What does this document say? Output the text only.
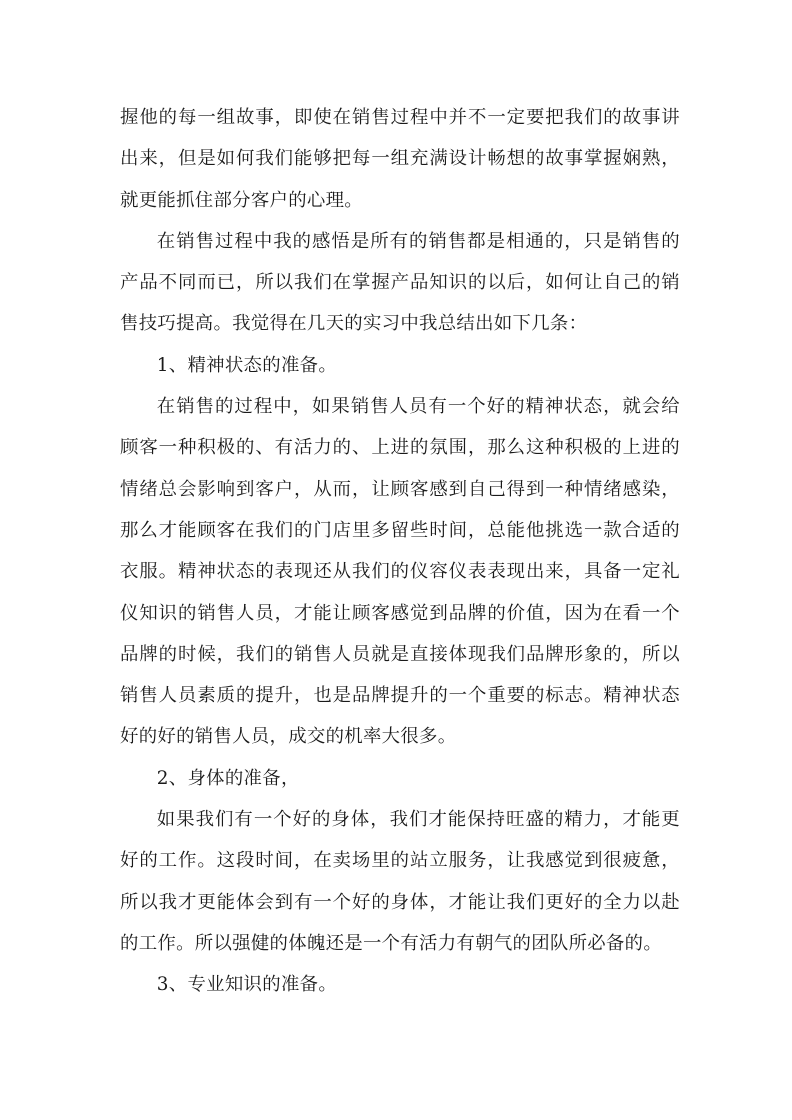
握他的每一组故事，即使在销售过程中并不一定要把我们的故事讲出来，但是如何我们能够把每一组充满设计畅想的故事掌握娴熟，就更能抓住部分客户的心理。

在销售过程中我的感悟是所有的销售都是相通的，只是销售的产品不同而已，所以我们在掌握产品知识的以后，如何让自己的销售技巧提高。我觉得在几天的实习中我总结出如下几条：

1、精神状态的准备。

在销售的过程中，如果销售人员有一个好的精神状态，就会给顾客一种积极的、有活力的、上进的氛围，那么这种积极的上进的情绪总会影响到客户，从而，让顾客感到自己得到一种情绪感染，那么才能顾客在我们的门店里多留些时间，总能他挑选一款合适的衣服。精神状态的表现还从我们的仪容仪表表现出来，具备一定礼仪知识的销售人员，才能让顾客感觉到品牌的价值，因为在看一个品牌的时候，我们的销售人员就是直接体现我们品牌形象的，所以销售人员素质的提升，也是品牌提升的一个重要的标志。精神状态好的好的销售人员，成交的机率大很多。

2、身体的准备，

如果我们有一个好的身体，我们才能保持旺盛的精力，才能更好的工作。这段时间，在卖场里的站立服务，让我感觉到很疲惫，所以我才更能体会到有一个好的身体，才能让我们更好的全力以赴的工作。所以强健的体魄还是一个有活力有朝气的团队所必备的。

3、专业知识的准备。
